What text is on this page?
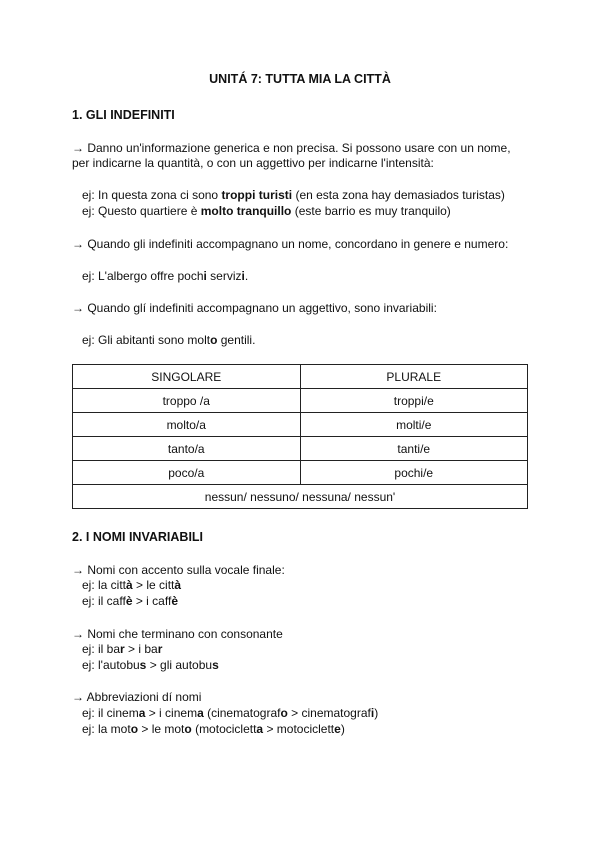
UNITÁ 7: TUTTA MIA LA CITTÀ
1. GLI INDEFINITI
→ Danno un'informazione generica e non precisa. Si possono usare con un nome,
per indicarne la quantità, o con un aggettivo per indicarne l'intensità:
ej: In questa zona ci sono troppi turisti (en esta zona hay demasiados turistas)
ej: Questo quartiere è molto tranquillo (este barrio es muy tranquilo)
→ Quando gli indefiniti accompagnano un nome, concordano in genere e numero:
ej: L'albergo offre pochi servizi.
→ Quando glí indefiniti accompagnano un aggettivo, sono invariabili:
ej: Gli abitanti sono molto gentili.
SINGOLARE	PLURALE
troppo /a	troppi/e
molto/a	molti/e
tanto/a	tanti/e
poco/a	pochi/e
nessun/ nessuno/ nessuna/ nessun'	
2. I NOMI INVARIABILI
→ Nomi con accento sulla vocale finale:
ej: la città > le città
ej: il caffè > i caffè
→ Nomi che terminano con consonante
ej: il bar > i bar
ej: l'autobus > gli autobus
→ Abbreviazioni dí nomi
ej: il cinema > i cinema (cinematografo > cinematografi)
ej: la moto > le moto (motocicletta > motociclette)
